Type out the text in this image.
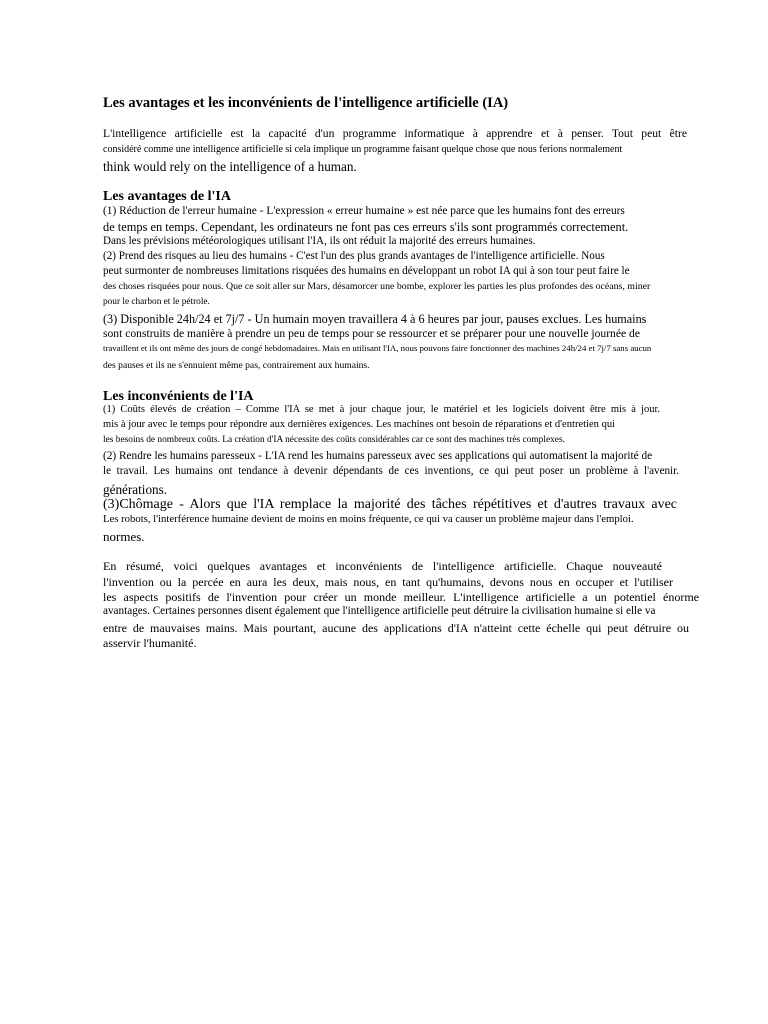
Les avantages et les inconvénients de l'intelligence artificielle (IA)
L'intelligence artificielle est la capacité d'un programme informatique à apprendre et à penser. Tout peut être
considéré comme une intelligence artificielle si cela implique un programme faisant quelque chose que nous ferions normalement
think would rely on the intelligence of a human.
Les avantages de l'IA
(1) Réduction de l'erreur humaine - L'expression « erreur humaine » est née parce que les humains font des erreurs
de temps en temps. Cependant, les ordinateurs ne font pas ces erreurs s'ils sont programmés correctement.
Dans les prévisions météorologiques utilisant l'IA, ils ont réduit la majorité des erreurs humaines.
(2) Prend des risques au lieu des humains - C'est l'un des plus grands avantages de l'intelligence artificielle. Nous
peut surmonter de nombreuses limitations risquées des humains en développant un robot IA qui à son tour peut faire le
des choses risquées pour nous. Que ce soit aller sur Mars, désamorcer une bombe, explorer les parties les plus profondes des océans, miner
pour le charbon et le pétrole.
(3) Disponible 24h/24 et 7j/7 - Un humain moyen travaillera 4 à 6 heures par jour, pauses exclues. Les humains
sont construits de manière à prendre un peu de temps pour se ressourcer et se préparer pour une nouvelle journée de
travaillent et ils ont même des jours de congé hebdomadaires. Mais en utilisant l'IA, nous pouvons faire fonctionner des machines 24h/24 et 7j/7 sans aucun
des pauses et ils ne s'ennuient même pas, contrairement aux humains.
Les inconvénients de l'IA
(1) Coûts élevés de création – Comme l'IA se met à jour chaque jour, le matériel et les logiciels doivent être mis à jour.
mis à jour avec le temps pour répondre aux dernières exigences. Les machines ont besoin de réparations et d'entretien qui
les besoins de nombreux coûts. La création d'IA nécessite des coûts considérables car ce sont des machines très complexes.
(2) Rendre les humains paresseux - L'IA rend les humains paresseux avec ses applications qui automatisent la majorité de
le travail. Les humains ont tendance à devenir dépendants de ces inventions, ce qui peut poser un problème à l'avenir.
générations.
(3)Chômage - Alors que l'IA remplace la majorité des tâches répétitives et d'autres travaux avec
Les robots, l'interférence humaine devient de moins en moins fréquente, ce qui va causer un problème majeur dans l'emploi.
normes.
En résumé, voici quelques avantages et inconvénients de l'intelligence artificielle. Chaque nouveauté
l'invention ou la percée en aura les deux, mais nous, en tant qu'humains, devons nous en occuper et l'utiliser
les aspects positifs de l'invention pour créer un monde meilleur. L'intelligence artificielle a un potentiel énorme
avantages. Certaines personnes disent également que l'intelligence artificielle peut détruire la civilisation humaine si elle va
entre de mauvaises mains. Mais pourtant, aucune des applications d'IA n'atteint cette échelle qui peut détruire ou
asservir l'humanité.
